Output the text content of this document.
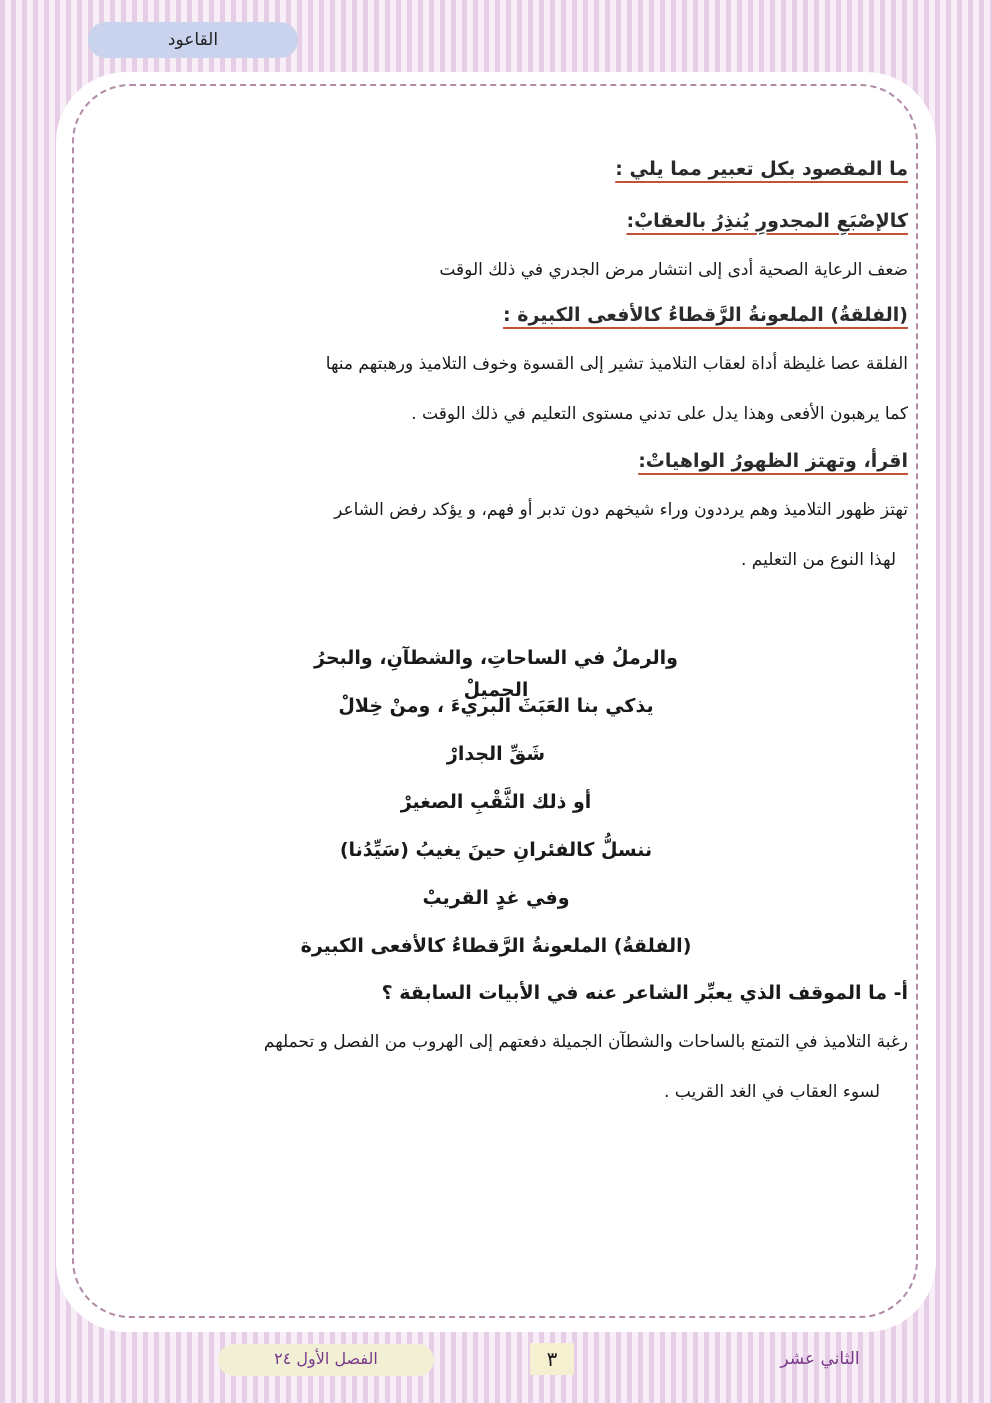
القاعود

ما المقصود بكل تعبير مما يلي :

كالإصْبَعِ المجدورِ يُنذِرُ بالعقابْ:

ضعف الرعاية الصحية أدى إلى انتشار مرض الجدري في ذلك الوقت

(الفلقةُ) الملعونةُ الرَّقطاءُ كالأفعى الكبيرة :

الفلقة عصا غليظة أداة لعقاب التلاميذ تشير إلى القسوة وخوف التلاميذ ورهبتهم منها

كما يرهبون الأفعى وهذا يدل على تدني مستوى التعليم في ذلك الوقت .

اقرأ، وتهتز الظهورُ الواهياتْ:

تهتز ظهور التلاميذ وهم يرددون وراء شيخهم دون تدبر أو فهم، و يؤكد رفض الشاعر

لهذا النوع من التعليم .

والرملُ في الساحاتِ، والشطآنِ، والبحرُ الجميلْ
يذكي بنا العَبَثَ البريءَ ، ومنْ خِلالْ
شَقِّ الجدارْ
أو ذلك الثَّقْبِ الصغيرْ
ننسلُّ كالفئرانِ حينَ يغيبُ (سَيِّدُنا)
وفي غدٍ القريبْ
(الفلقةُ) الملعونةُ الرَّقطاءُ كالأفعى الكبيرة

أ- ما الموقف الذي يعبِّر الشاعر عنه في الأبيات السابقة ؟

رغبة التلاميذ في التمتع بالساحات والشطآن الجميلة دفعتهم إلى الهروب من الفصل و تحملهم

لسوء العقاب في الغد القريب .

الفصل الأول ٢٤	٣	الثاني عشر
